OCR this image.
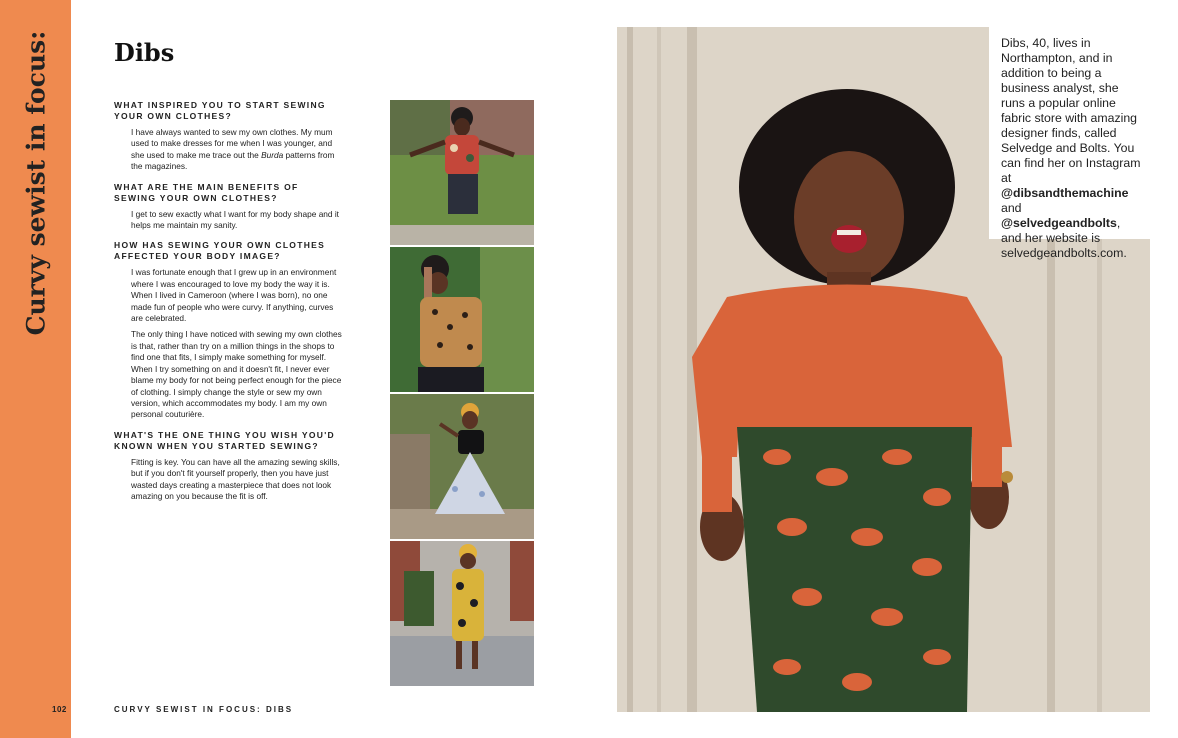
Curvy sewist in focus:
102	CURVY SEWIST IN FOCUS: DIBS
Dibs

WHAT INSPIRED YOU TO START SEWING YOUR OWN CLOTHES?

I have always wanted to sew my own clothes. My mum used to make dresses for me when I was younger, and she used to make me trace out the Burda patterns from the magazines.

WHAT ARE THE MAIN BENEFITS OF SEWING YOUR OWN CLOTHES?

I get to sew exactly what I want for my body shape and it helps me maintain my sanity.

HOW HAS SEWING YOUR OWN CLOTHES AFFECTED YOUR BODY IMAGE?

I was fortunate enough that I grew up in an environment where I was encouraged to love my body the way it is. When I lived in Cameroon (where I was born), no one made fun of people who were curvy. If anything, curves are celebrated.

The only thing I have noticed with sewing my own clothes is that, rather than try on a million things in the shops to find one that fits, I simply make something for myself. When I try something on and it doesn't fit, I never ever blame my body for not being perfect enough for the piece of clothing. I simply change the style or sew my own version, which accommodates my body. I am my own personal couturière.

WHAT'S THE ONE THING YOU WISH YOU'D KNOWN WHEN YOU STARTED SEWING?

Fitting is key. You can have all the amazing sewing skills, but if you don't fit yourself properly, then you have just wasted days creating a masterpiece that does not look amazing on you because the fit is off.

Dibs, 40, lives in Northampton, and in addition to being a business analyst, she runs a popular online fabric store with amazing designer finds, called Selvedge and Bolts. You can find her on Instagram at @dibsandthemachine and @selvedgeandbolts, and her website is selvedgeandbolts.com.
